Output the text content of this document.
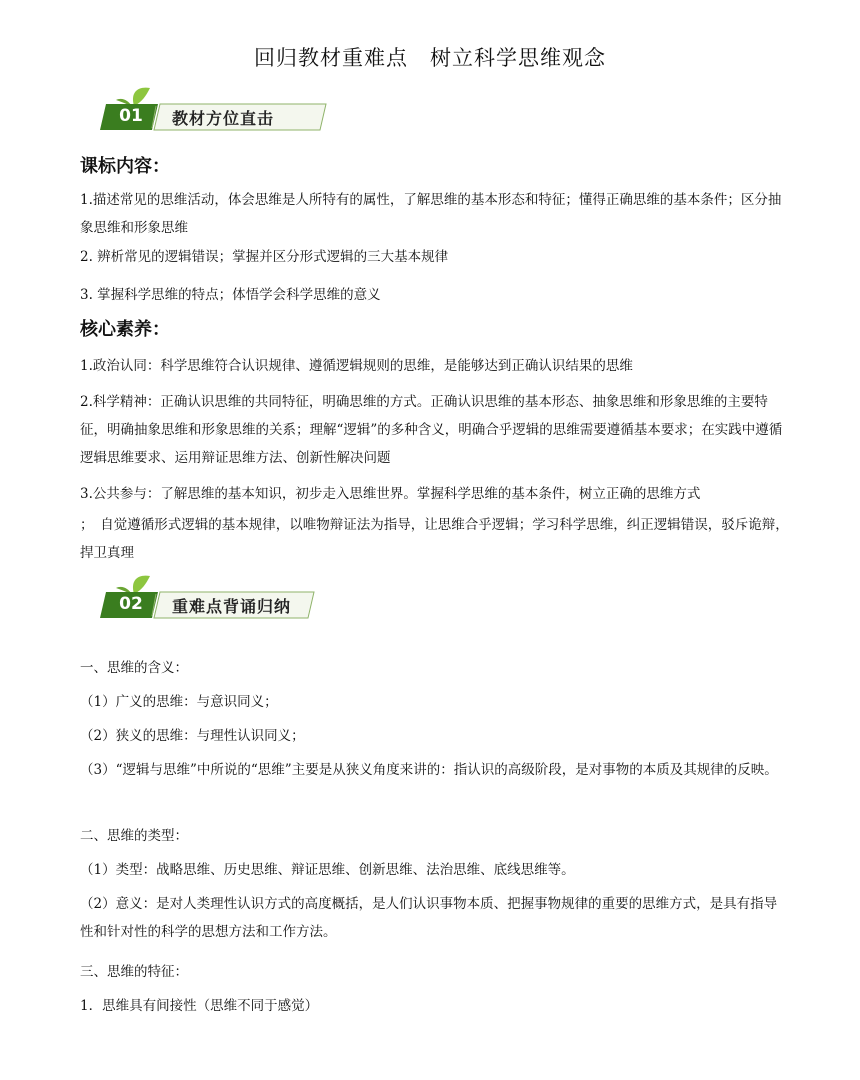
回归教材重难点 树立科学思维观念
01	教材方位直击
课标内容：
1.描述常见的思维活动，体会思维是人所特有的属性，了解思维的基本形态和特征；懂得正确思维的基本条件；区分抽象思维和形象思维
2. 辨析常见的逻辑错误；掌握并区分形式逻辑的三大基本规律
3. 掌握科学思维的特点；体悟学会科学思维的意义
核心素养：
1.政治认同：科学思维符合认识规律、遵循逻辑规则的思维，是能够达到正确认识结果的思维
2.科学精神：正确认识思维的共同特征，明确思维的方式。正确认识思维的基本形态、抽象思维和形象思维的主要特征，明确抽象思维和形象思维的关系；理解“逻辑”的多种含义，明确合乎逻辑的思维需要遵循基本要求；在实践中遵循逻辑思维要求、运用辩证思维方法、创新性解决问题
3.公共参与：了解思维的基本知识，初步走入思维世界。掌握科学思维的基本条件，树立正确的思维方式
；　自觉遵循形式逻辑的基本规律，以唯物辩证法为指导，让思维合乎逻辑；学习科学思维，纠正逻辑错误，驳斥诡辩，捍卫真理
02	重难点背诵归纳
一、思维的含义：
（1）广义的思维：与意识同义；
（2）狭义的思维：与理性认识同义；
（3）“逻辑与思维”中所说的“思维”主要是从狭义角度来讲的：指认识的高级阶段，是对事物的本质及其规律的反映。
二、思维的类型：
（1）类型：战略思维、历史思维、辩证思维、创新思维、法治思维、底线思维等。
（2）意义：是对人类理性认识方式的高度概括，是人们认识事物本质、把握事物规律的重要的思维方式，是具有指导性和针对性的科学的思想方法和工作方法。
三、思维的特征：
1．思维具有间接性（思维不同于感觉）
